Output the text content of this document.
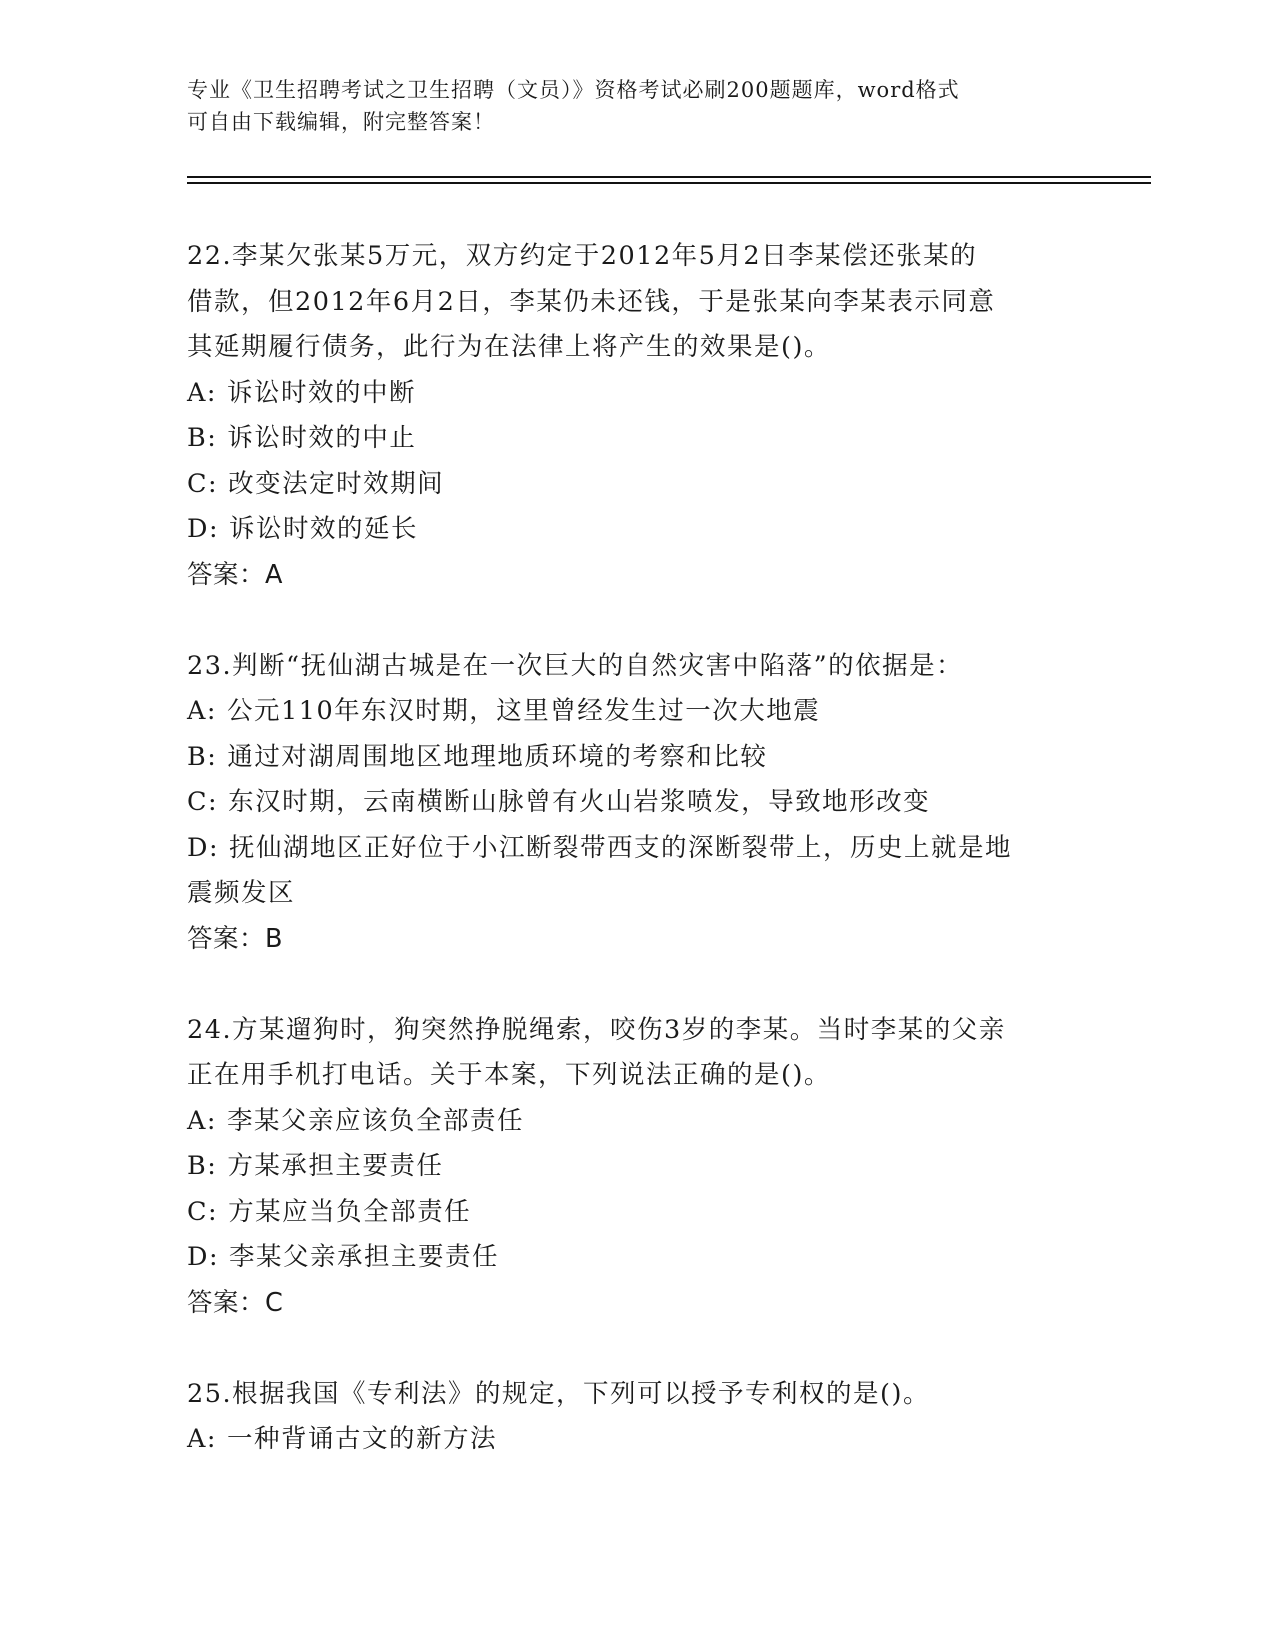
专业《卫生招聘考试之卫生招聘（文员）》资格考试必刷200题题库，word格式
可自由下载编辑，附完整答案！
22.李某欠张某5万元，双方约定于2012年5月2日李某偿还张某的
借款，但2012年6月2日，李某仍未还钱，于是张某向李某表示同意
其延期履行债务，此行为在法律上将产生的效果是()。
A: 诉讼时效的中断
B: 诉讼时效的中止
C: 改变法定时效期间
D: 诉讼时效的延长
答案：A
23.判断“抚仙湖古城是在一次巨大的自然灾害中陷落”的依据是：
A: 公元110年东汉时期，这里曾经发生过一次大地震
B: 通过对湖周围地区地理地质环境的考察和比较
C: 东汉时期，云南横断山脉曾有火山岩浆喷发，导致地形改变
D: 抚仙湖地区正好位于小江断裂带西支的深断裂带上，历史上就是地
震频发区
答案：B
24.方某遛狗时，狗突然挣脱绳索，咬伤3岁的李某。当时李某的父亲
正在用手机打电话。关于本案，下列说法正确的是()。
A: 李某父亲应该负全部责任
B: 方某承担主要责任
C: 方某应当负全部责任
D: 李某父亲承担主要责任
答案：C
25.根据我国《专利法》的规定，下列可以授予专利权的是()。
A: 一种背诵古文的新方法
